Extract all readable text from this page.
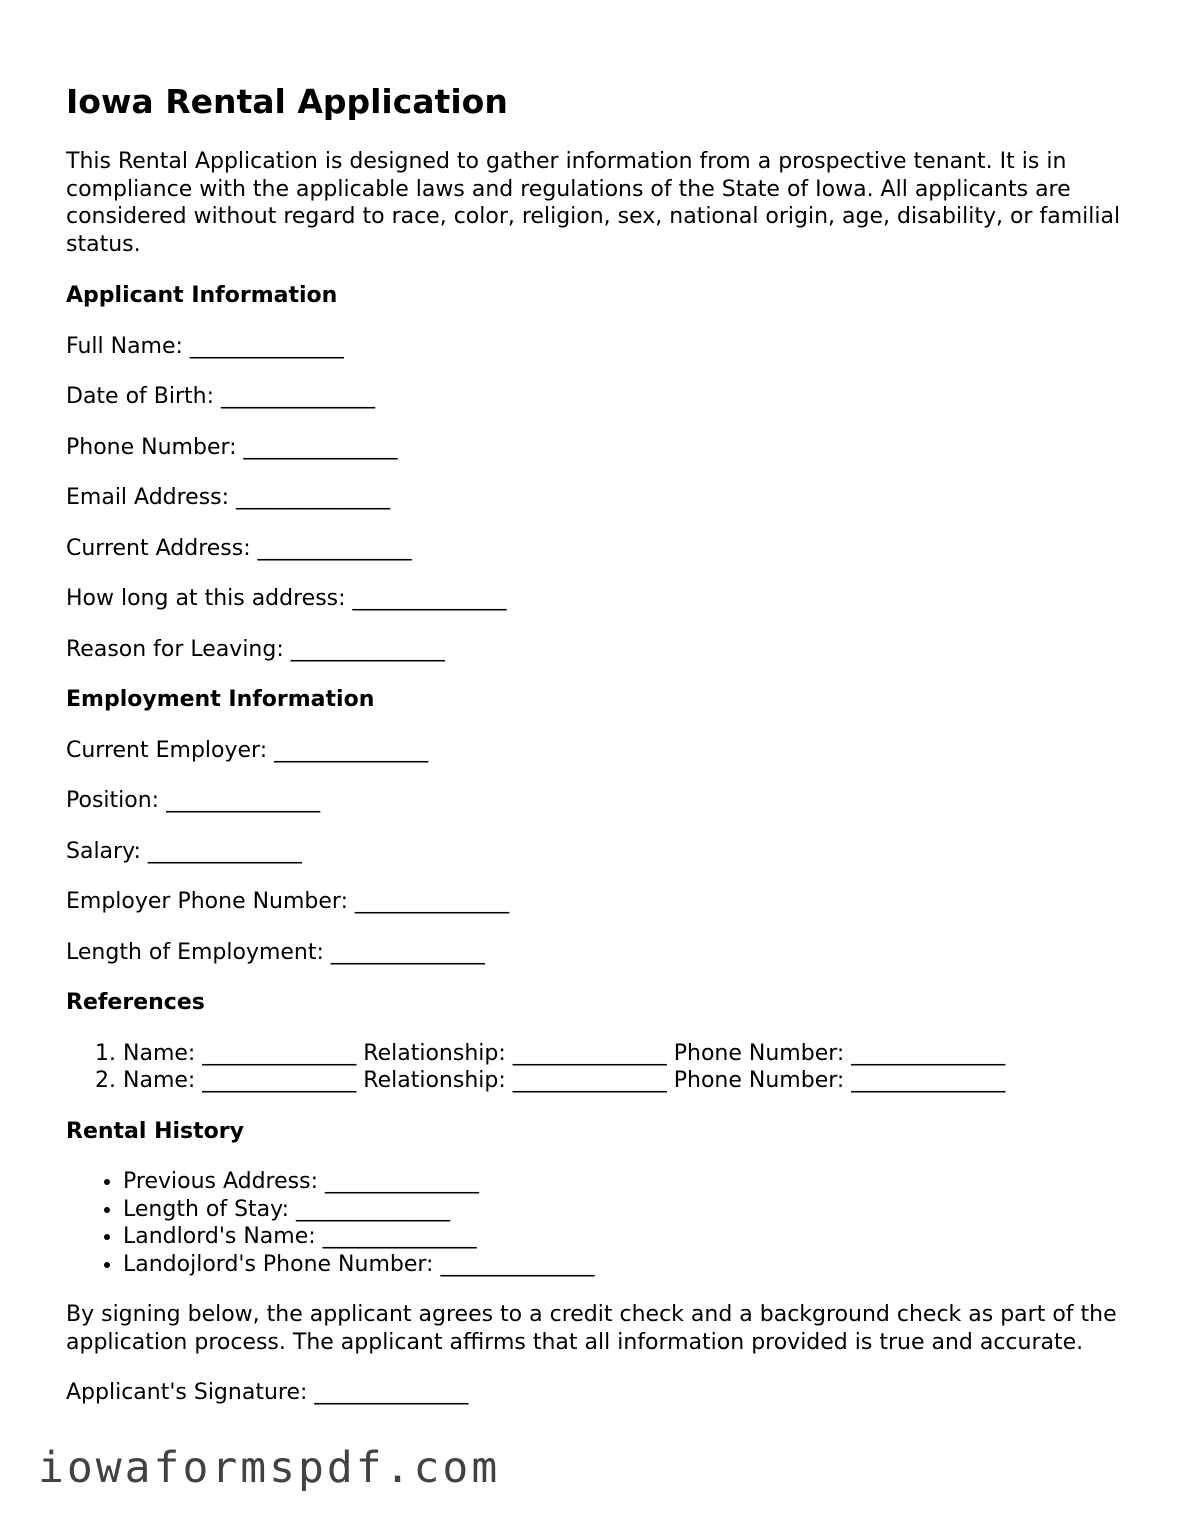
Iowa Rental Application

This Rental Application is designed to gather information from a prospective tenant. It is in compliance with the applicable laws and regulations of the State of Iowa. All applicants are considered without regard to race, color, religion, sex, national origin, age, disability, or familial status.

Applicant Information

Full Name: ______________

Date of Birth: ______________

Phone Number: ______________

Email Address: ______________

Current Address: ______________

How long at this address: ______________

Reason for Leaving: ______________

Employment Information

Current Employer: ______________

Position: ______________

Salary: ______________

Employer Phone Number: ______________

Length of Employment: ______________

References
1. Name: ______________ Relationship: ______________ Phone Number: ______________
2. Name: ______________ Relationship: ______________ Phone Number: ______________
Rental History
• Previous Address: ______________
• Length of Stay: ______________
• Landlord's Name: ______________
• Landojlord's Phone Number: ______________

By signing below, the applicant agrees to a credit check and a background check as part of the application process. The applicant affirms that all information provided is true and accurate.

Applicant's Signature: ______________

iowaformspdf.com
